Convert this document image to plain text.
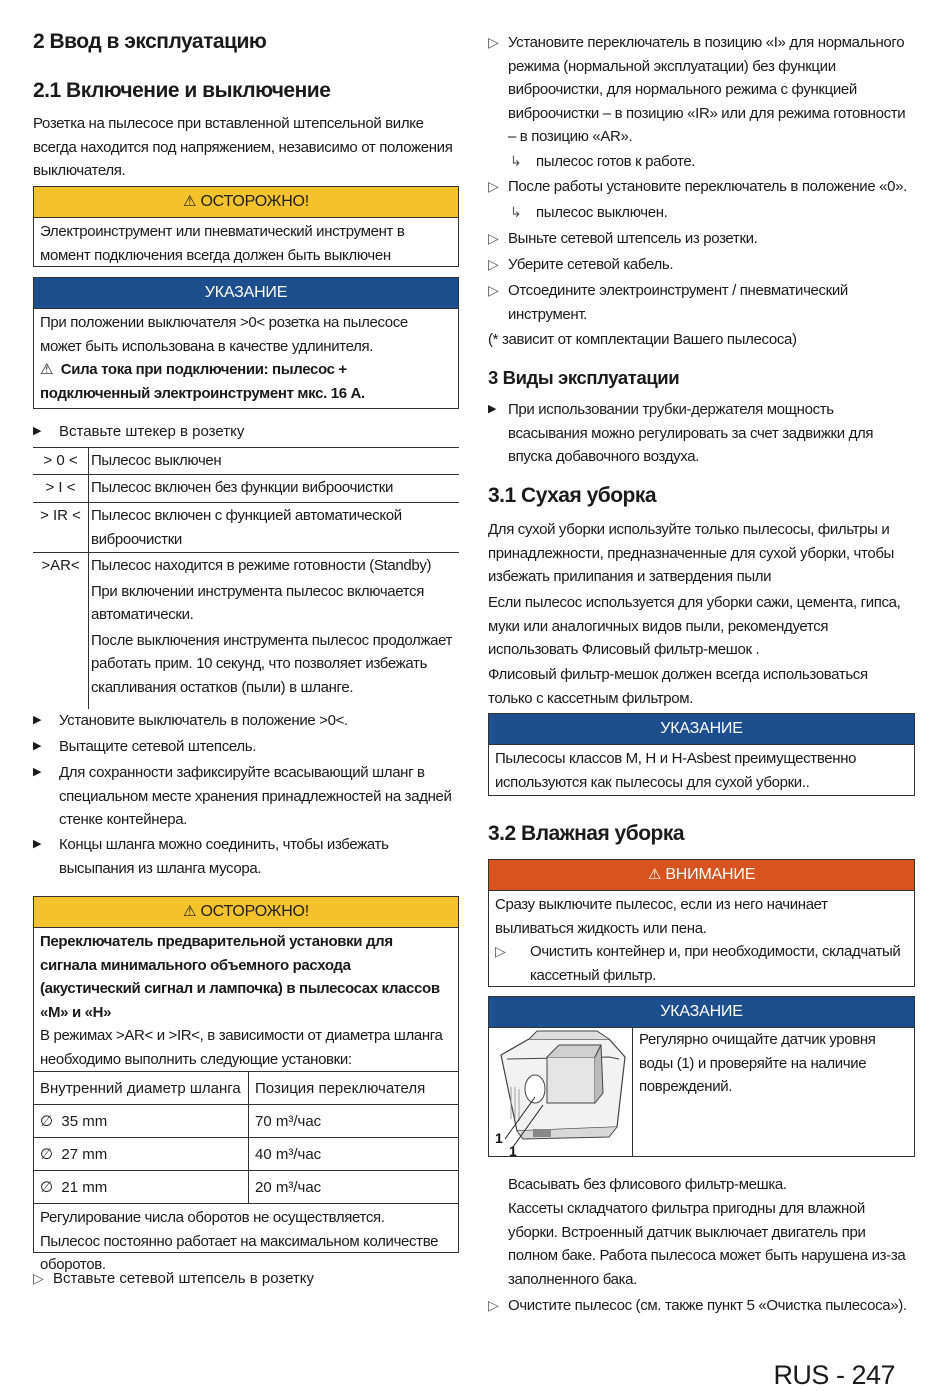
2 Ввод в эксплуатацию
2.1 Включение и выключение
Розетка на пылесосе при вставленной штепсельной вилке всегда находится под напряжением, независимо от положения выключателя.
⚠ ОСТОРОЖНО!
Электроинструмент или пневматический инструмент в момент подключения всегда должен быть выключен
УКАЗАНИЕ
При положении выключателя >0< розетка на пылесосе может быть использована в качестве удлинителя.
⚠  Сила тока при подключении: пылесос + подключенный электроинструмент мкс. 16 А.
▶ Вставьте штекер в розетку
> 0 < Пылесос выключен
> I <	Пылесос включен без функции виброочистки
> IR < Пылесос включен с функцией автоматической виброочистки
>AR< Пылесос находится в режиме готовности (Standby)
При включении инструмента пылесос включается автоматически.
После выключения инструмента пылесос продолжает работать прим. 10 секунд, что позволяет избежать скапливания остатков (пыли) в шланге.
▶	Установите выключатель в положение >0<.
▶	Вытащите сетевой штепсель.
▶	Для сохранности зафиксируйте всасывающий шланг в специальном месте хранения принадлежностей на задней стенке контейнера.
▶	Концы шланга можно соединить, чтобы избежать высыпания из шланга мусора.
⚠ ОСТОРОЖНО!
Переключатель предварительной установки для сигнала минимального объемного расхода (акустический сигнал и лампочка) в пылесосах классов «M» и «H»
В режимах >AR< и >IR<, в зависимости от диаметра шланга необходимо выполнить следующие установки:
Внутренний диаметр шланга	Позиция переключателя
∅ 35 mm	70 m³/час
∅ 27 mm	40 m³/час
∅ 21 mm	20 m³/час
Регулирование числа оборотов не осуществляется.
Пылесос постоянно работает на максимальном количестве оборотов.
▷ Вставьте сетевой штепсель в розетку
▷ Установите переключатель в позицию «I» для нормального режима (нормальной эксплуатации) без функции виброочистки, для нормального режима с функцией виброочистки – в позицию «IR» или для режима готовности – в позицию «AR».
↳ пылесос готов к работе.
▷ После работы установите переключатель в положение «0».
↳ пылесос выключен.
▷ Выньте сетевой штепсель из розетки.
▷ Уберите сетевой кабель.
▷ Отсоедините электроинструмент / пневматический инструмент.
(* зависит от комплектации Вашего пылесоса)
3 Виды эксплуатации
▶ При использовании трубки-держателя мощность всасывания можно регулировать за счет задвижки для впуска добавочного воздуха.
3.1 Сухая уборка
Для сухой уборки используйте только пылесосы, фильтры и принадлежности, предназначенные для сухой уборки, чтобы избежать прилипания и затвердения пыли
Если пылесос используется для уборки сажи, цемента, гипса, муки или аналогичных видов пыли, рекомендуется использовать Флисовый фильтр-мешок .
Флисовый фильтр-мешок должен всегда использоваться только с кассетным фильтром.
УКАЗАНИЕ
Пылесосы классов M, H и H-Asbest преимущественно используются как пылесосы для сухой уборки..
3.2 Влажная уборка
⚠ ВНИМАНИЕ
Сразу выключите пылесос, если из него начинает выливаться жидкость или пена.
▷	Очистить контейнер и, при необходимости, складчатый кассетный фильтр.
УКАЗАНИЕ
1
1
Регулярно очищайте датчик уровня воды (1) и проверяйте на наличие повреждений.
Всасывать без флисового фильтр-мешка.
Кассеты складчатого фильтра пригодны для влажной уборки. Встроенный датчик выключает двигатель при полном баке. Работа пылесоса может быть нарушена из-за заполненного бака.
▷ Очистите пылесос (см. также пункт 5 «Очистка пылесоса»).
RUS - 247
